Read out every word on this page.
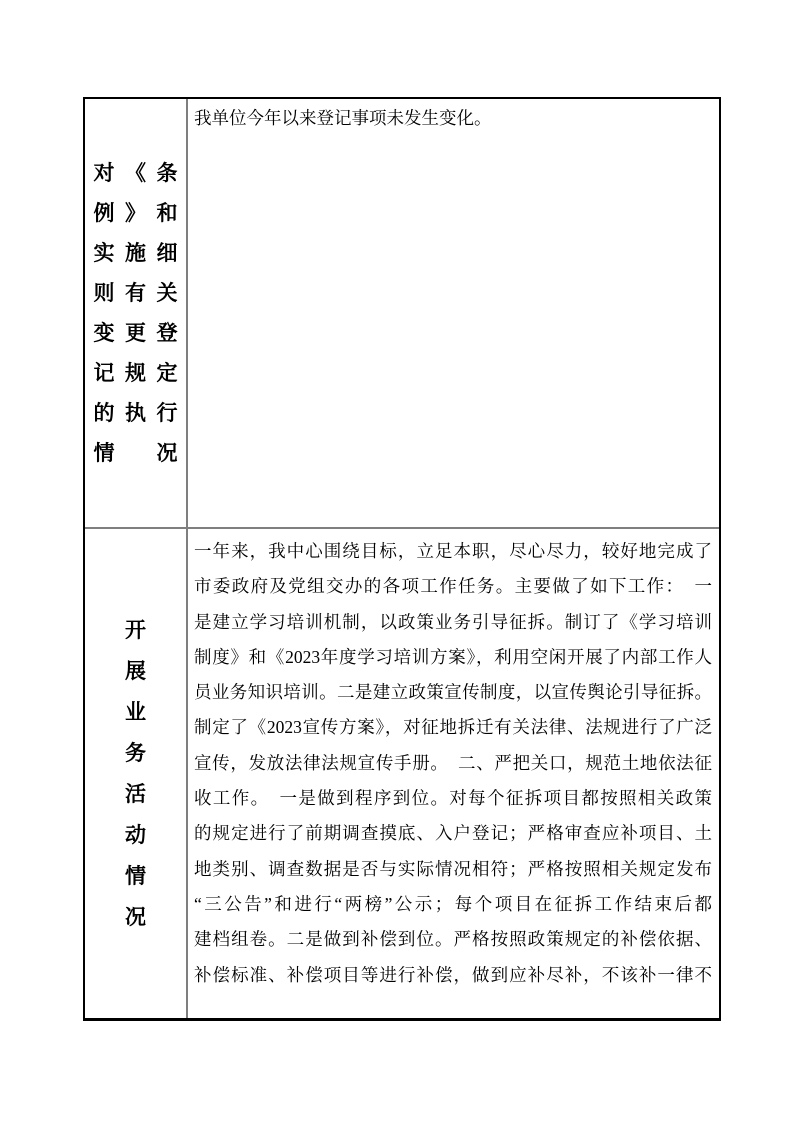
对《条
例》和
实施细
则有关
变更登
记规定
的执行
情　况
我单位今年以来登记事项未发生变化。
开
展
业
务
活
动
情
况
一年来，我中心围绕目标，立足本职，尽心尽力，较好地完成了
市委政府及党组交办的各项工作任务。主要做了如下工作：　一
是建立学习培训机制，以政策业务引导征拆。制订了《学习培训
制度》和《2023年度学习培训方案》，利用空闲开展了内部工作人
员业务知识培训。二是建立政策宣传制度，以宣传舆论引导征拆。
制定了《2023宣传方案》，对征地拆迁有关法律、法规进行了广泛
宣传，发放法律法规宣传手册。　二、严把关口，规范土地依法征
收工作。　一是做到程序到位。对每个征拆项目都按照相关政策
的规定进行了前期调查摸底、入户登记；严格审查应补项目、土
地类别、调查数据是否与实际情况相符；严格按照相关规定发布
“三公告”和进行“两榜”公示；每个项目在征拆工作结束后都
建档组卷。二是做到补偿到位。严格按照政策规定的补偿依据、
补偿标准、补偿项目等进行补偿，做到应补尽补，不该补一律不
